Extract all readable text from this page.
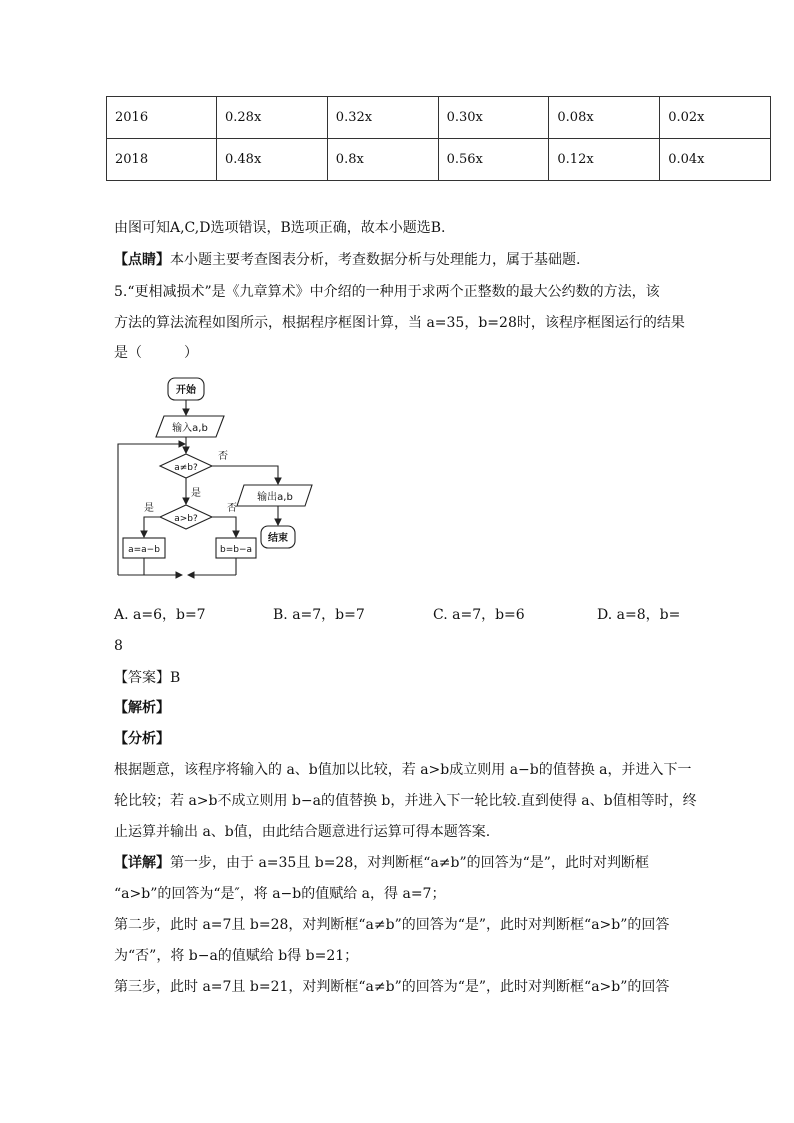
2016	0.28x	0.32x	0.30x	0.08x	0.02x
2018	0.48x	0.8x	0.56x	0.12x	0.04x
由图可知A,C,D选项错误，B选项正确，故本小题选B.
【点睛】本小题主要考查图表分析，考查数据分析与处理能力，属于基础题.
5.“更相减损术”是《九章算术》中介绍的一种用于求两个正整数的最大公约数的方法，该
方法的算法流程如图所示，根据程序框图计算，当 a=35，b=28时，该程序框图运行的结果
是（　　　）
开始
输入a,b
a≠b?
否
是
a>b?
是	否
a=a−b	b=b−a
输出a,b
结束
A. a=6，b=7	B. a=7，b=7	C. a=7，b=6	D. a=8，b=
8
【答案】B
【解析】
【分析】
根据题意，该程序将输入的 a、b值加以比较，若 a>b成立则用 a−b的值替换 a，并进入下一
轮比较；若 a>b不成立则用 b−a的值替换 b，并进入下一轮比较.直到使得 a、b值相等时，终
止运算并输出 a、b值，由此结合题意进行运算可得本题答案.
【详解】第一步，由于 a=35且 b=28，对判断框“a≠b”的回答为“是”，此时对判断框
“a>b”的回答为“是″，将 a−b的值赋给 a，得 a=7；
第二步，此时 a=7且 b=28，对判断框“a≠b”的回答为“是”，此时对判断框“a>b”的回答
为“否”，将 b−a的值赋给 b得 b=21；
第三步，此时 a=7且 b=21，对判断框“a≠b”的回答为“是”，此时对判断框“a>b”的回答
